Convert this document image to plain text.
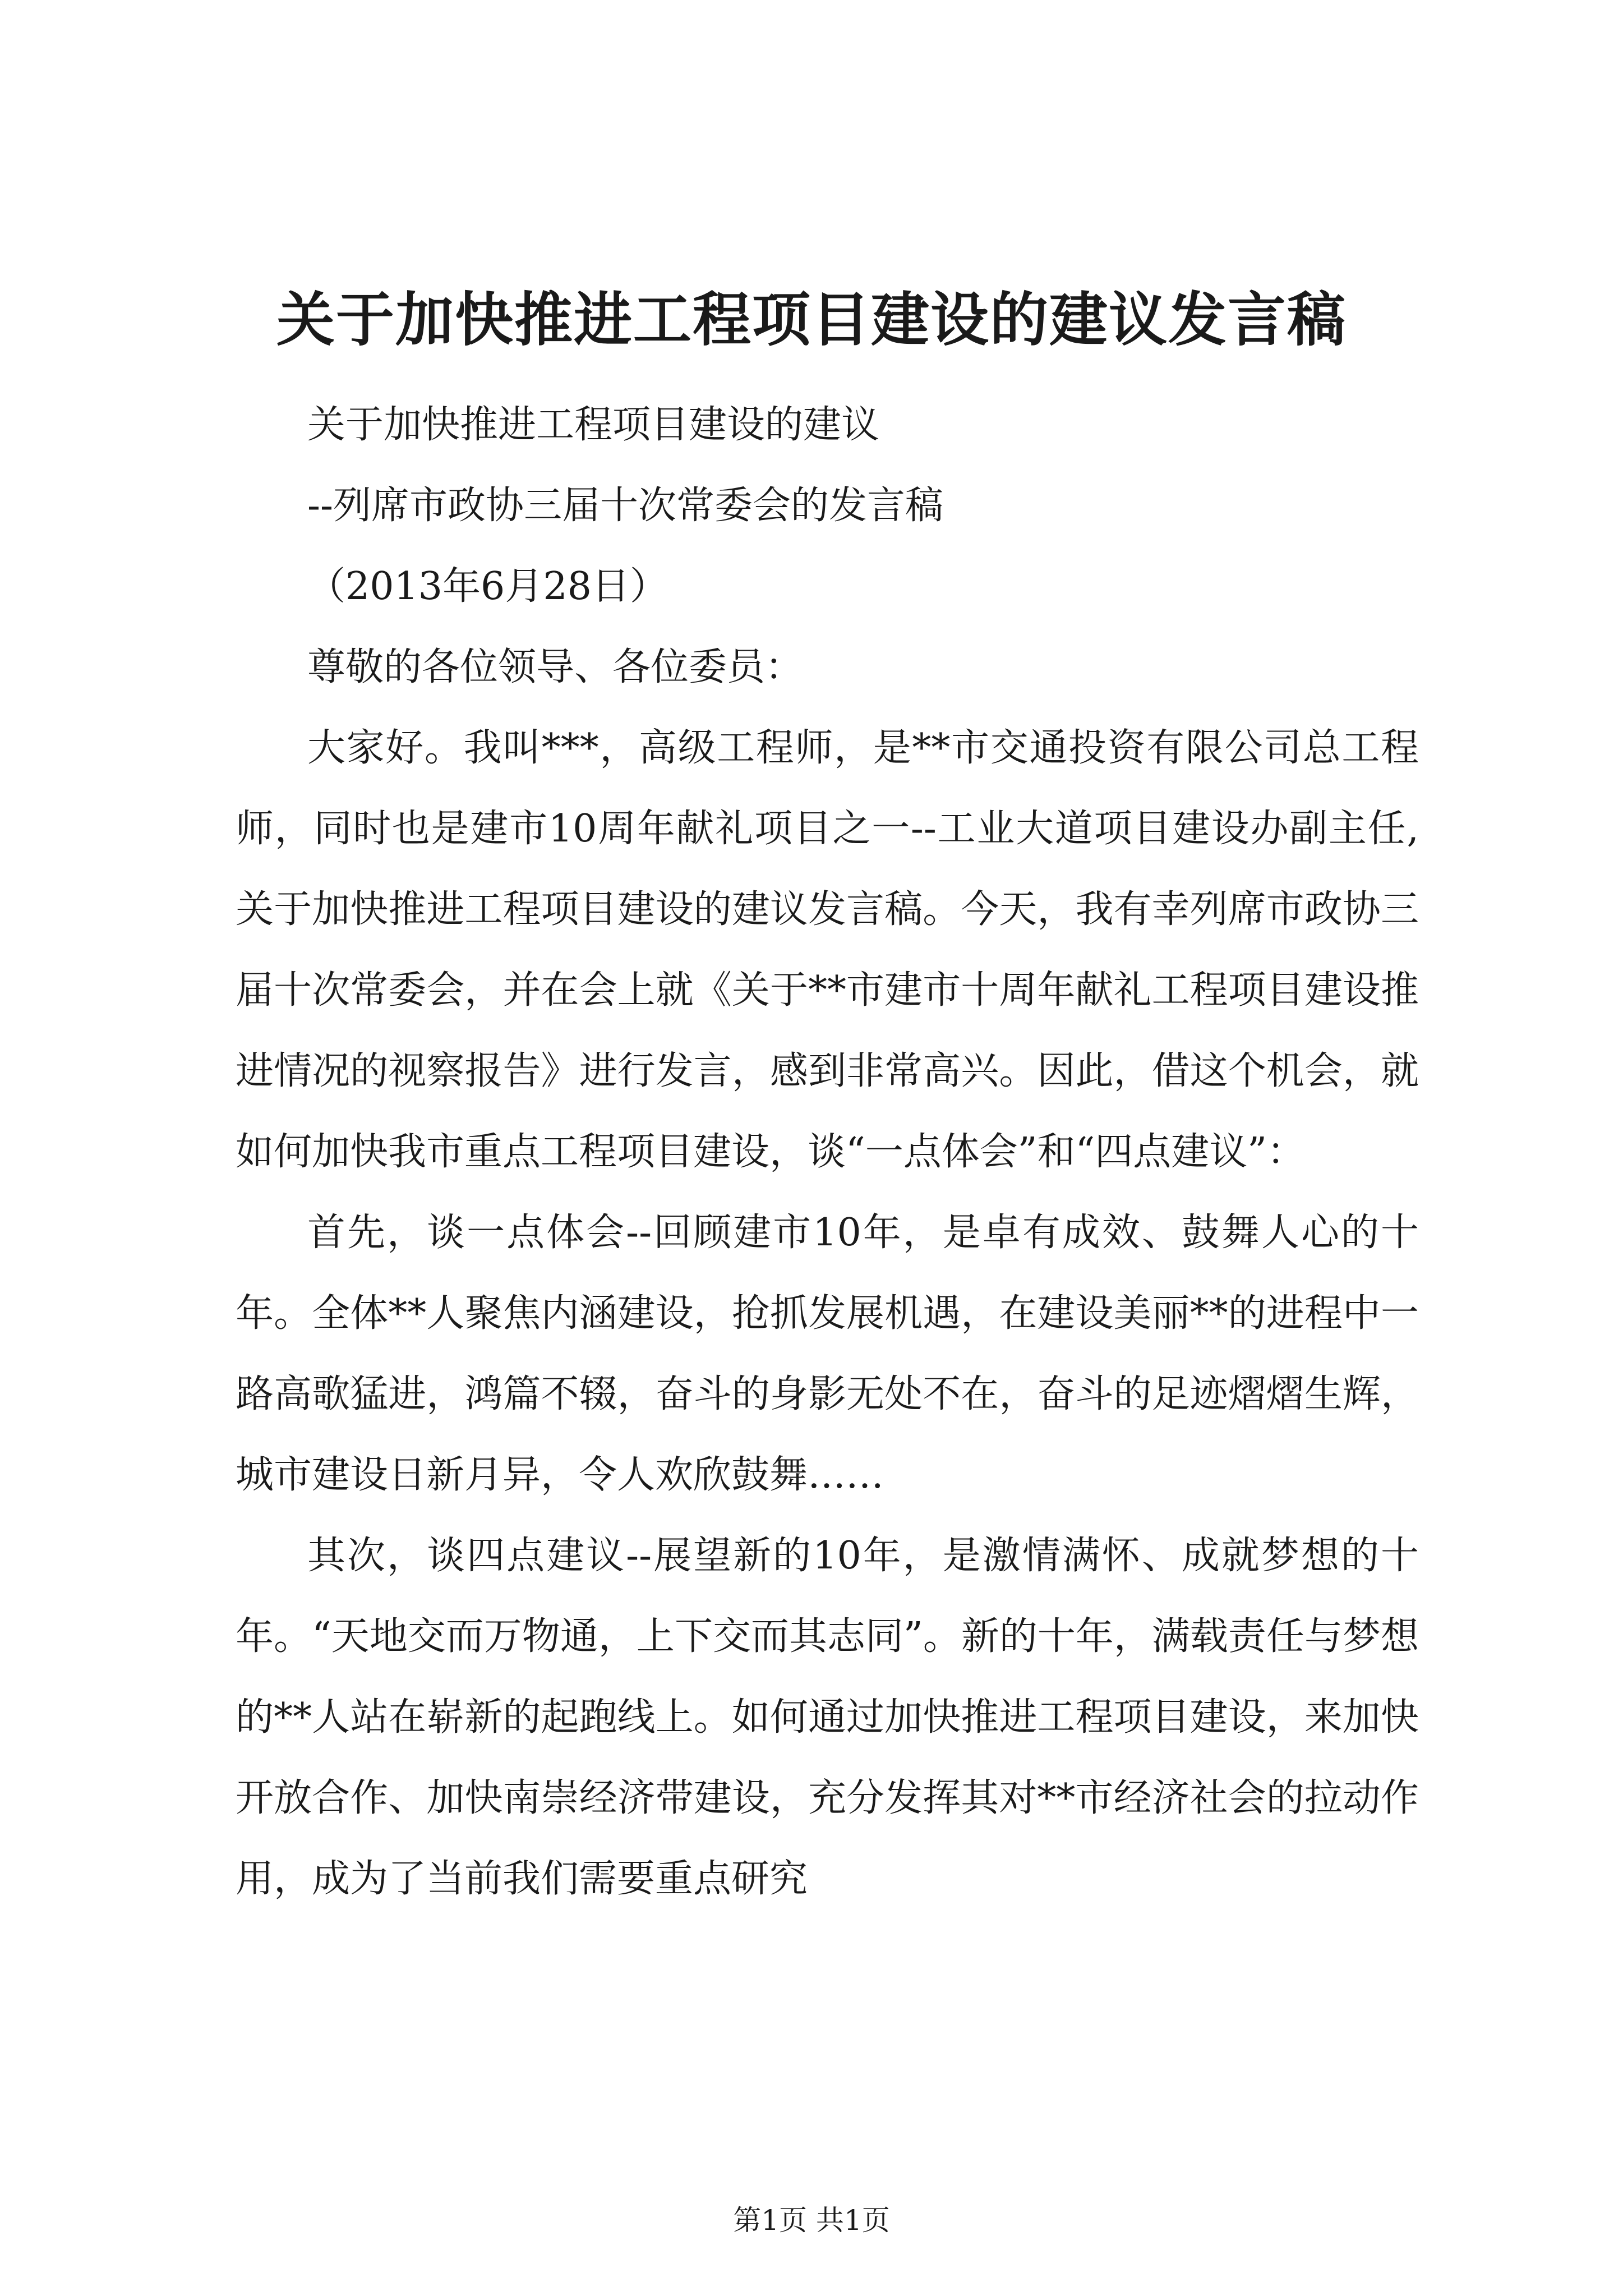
关于加快推进工程项目建设的建议发言稿

关于加快推进工程项目建设的建议

--列席市政协三届十次常委会的发言稿

（2013年6月28日）

尊敬的各位领导、各位委员：

大家好。我叫***，高级工程师，是**市交通投资有限公司总工程师，同时也是建市10周年献礼项目之一--工业大道项目建设办副主任,关于加快推进工程项目建设的建议发言稿。今天，我有幸列席市政协三届十次常委会，并在会上就《关于**市建市十周年献礼工程项目建设推进情况的视察报告》进行发言，感到非常高兴。因此，借这个机会，就如何加快我市重点工程项目建设，谈“一点体会”和“四点建议”：

首先，谈一点体会--回顾建市10年，是卓有成效、鼓舞人心的十年。全体**人聚焦内涵建设，抢抓发展机遇，在建设美丽**的进程中一路高歌猛进，鸿篇不辍，奋斗的身影无处不在，奋斗的足迹熠熠生辉，城市建设日新月异，令人欢欣鼓舞……

其次，谈四点建议--展望新的10年，是激情满怀、成就梦想的十年。“天地交而万物通，上下交而其志同”。新的十年，满载责任与梦想的**人站在崭新的起跑线上。如何通过加快推进工程项目建设，来加快开放合作、加快南崇经济带建设，充分发挥其对**市经济社会的拉动作用，成为了当前我们需要重点研究

第1页 共1页
